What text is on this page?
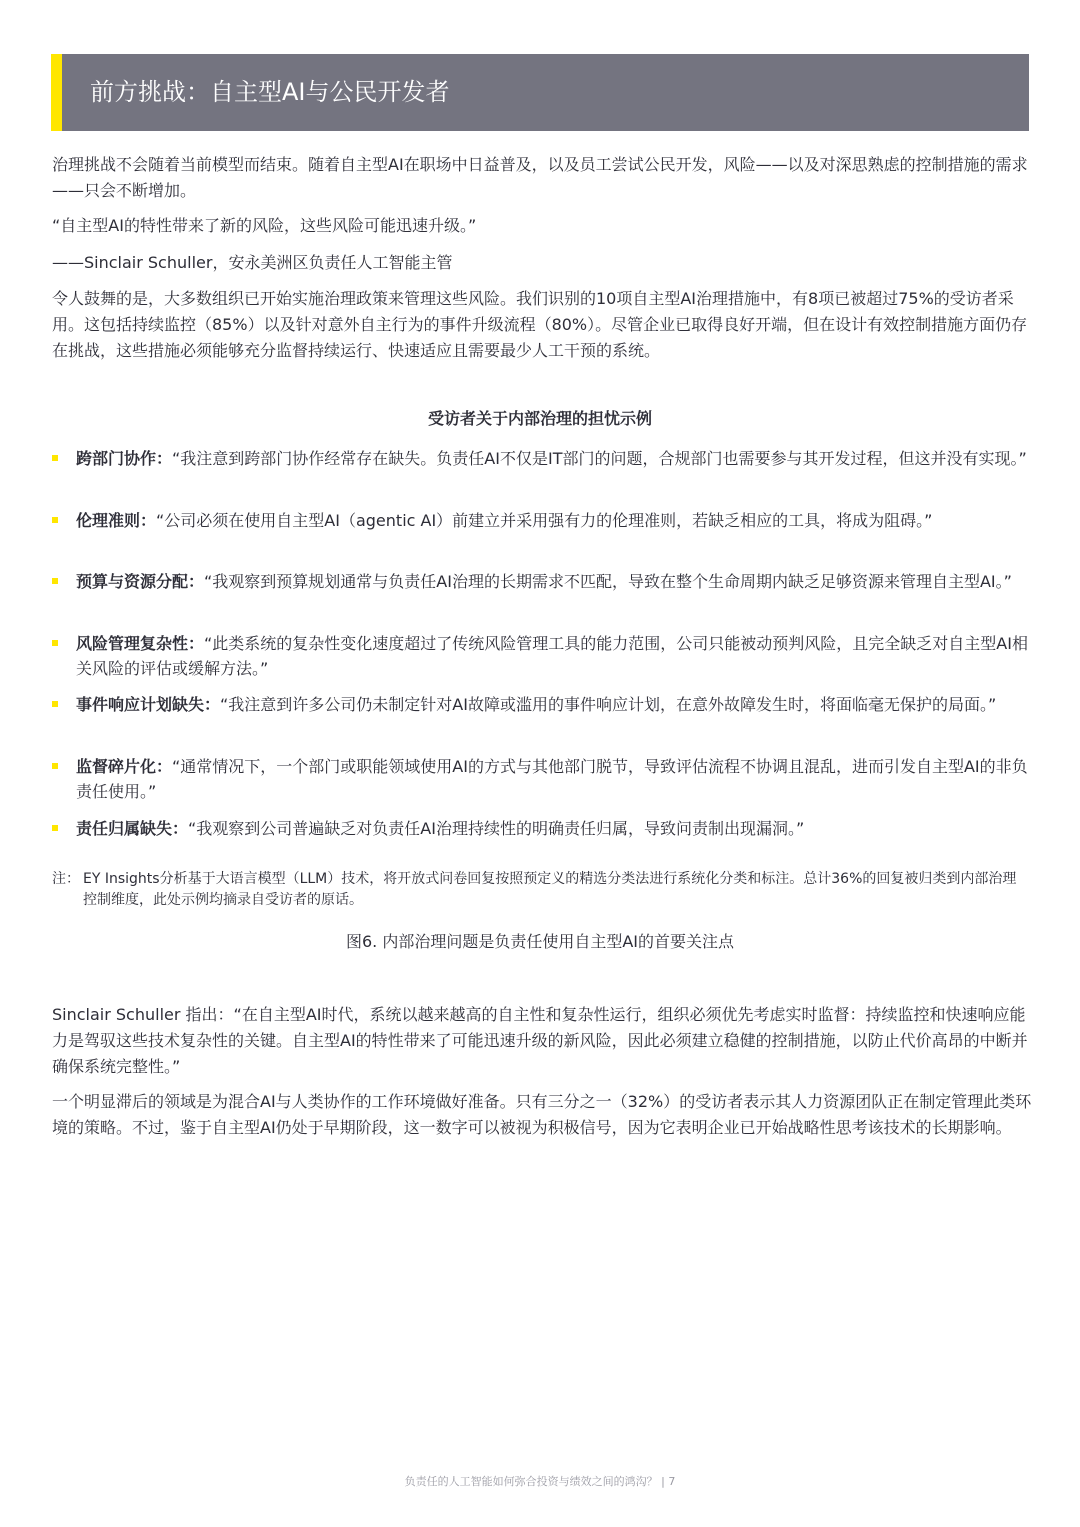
前方挑战：自主型AI与公民开发者

治理挑战不会随着当前模型而结束。随着自主型AI在职场中日益普及，以及员工尝试公民开发，风险——以及对深思熟虑的控制措施的需求——只会不断增加。

“自主型AI的特性带来了新的风险，这些风险可能迅速升级。”

——Sinclair Schuller，安永美洲区负责任人工智能主管

令人鼓舞的是，大多数组织已开始实施治理政策来管理这些风险。我们识别的10项自主型AI治理措施中，有8项已被超过75%的受访者采用。这包括持续监控（85%）以及针对意外自主行为的事件升级流程（80%）。尽管企业已取得良好开端，但在设计有效控制措施方面仍存在挑战，这些措施必须能够充分监督持续运行、快速适应且需要最少人工干预的系统。

受访者关于内部治理的担忧示例
跨部门协作：“我注意到跨部门协作经常存在缺失。负责任AI不仅是IT部门的问题，合规部门也需要参与其开发过程，但这并没有实现。”
伦理准则：“公司必须在使用自主型AI（agentic AI）前建立并采用强有力的伦理准则，若缺乏相应的工具，将成为阻碍。”
预算与资源分配：“我观察到预算规划通常与负责任AI治理的长期需求不匹配，导致在整个生命周期内缺乏足够资源来管理自主型AI。”
风险管理复杂性：“此类系统的复杂性变化速度超过了传统风险管理工具的能力范围，公司只能被动预判风险，且完全缺乏对自主型AI相关风险的评估或缓解方法。”
事件响应计划缺失：“我注意到许多公司仍未制定针对AI故障或滥用的事件响应计划，在意外故障发生时，将面临毫无保护的局面。”
监督碎片化：“通常情况下，一个部门或职能领域使用AI的方式与其他部门脱节，导致评估流程不协调且混乱，进而引发自主型AI的非负责任使用。”
责任归属缺失：“我观察到公司普遍缺乏对负责任AI治理持续性的明确责任归属，导致问责制出现漏洞。”
注： EY Insights分析基于大语言模型（LLM）技术，将开放式问卷回复按照预定义的精选分类法进行系统化分类和标注。总计36%的回复被归类到内部治理控制维度，此处示例均摘录自受访者的原话。
图6. 内部治理问题是负责任使用自主型AI的首要关注点

Sinclair Schuller 指出：“在自主型AI时代，系统以越来越高的自主性和复杂性运行，组织必须优先考虑实时监督：持续监控和快速响应能力是驾驭这些技术复杂性的关键。自主型AI的特性带来了可能迅速升级的新风险，因此必须建立稳健的控制措施，以防止代价高昂的中断并确保系统完整性。”

一个明显滞后的领域是为混合AI与人类协作的工作环境做好准备。只有三分之一（32%）的受访者表示其人力资源团队正在制定管理此类环境的策略。不过，鉴于自主型AI仍处于早期阶段，这一数字可以被视为积极信号，因为它表明企业已开始战略性思考该技术的长期影响。

负责任的人工智能如何弥合投资与绩效之间的鸿沟？ | 7
